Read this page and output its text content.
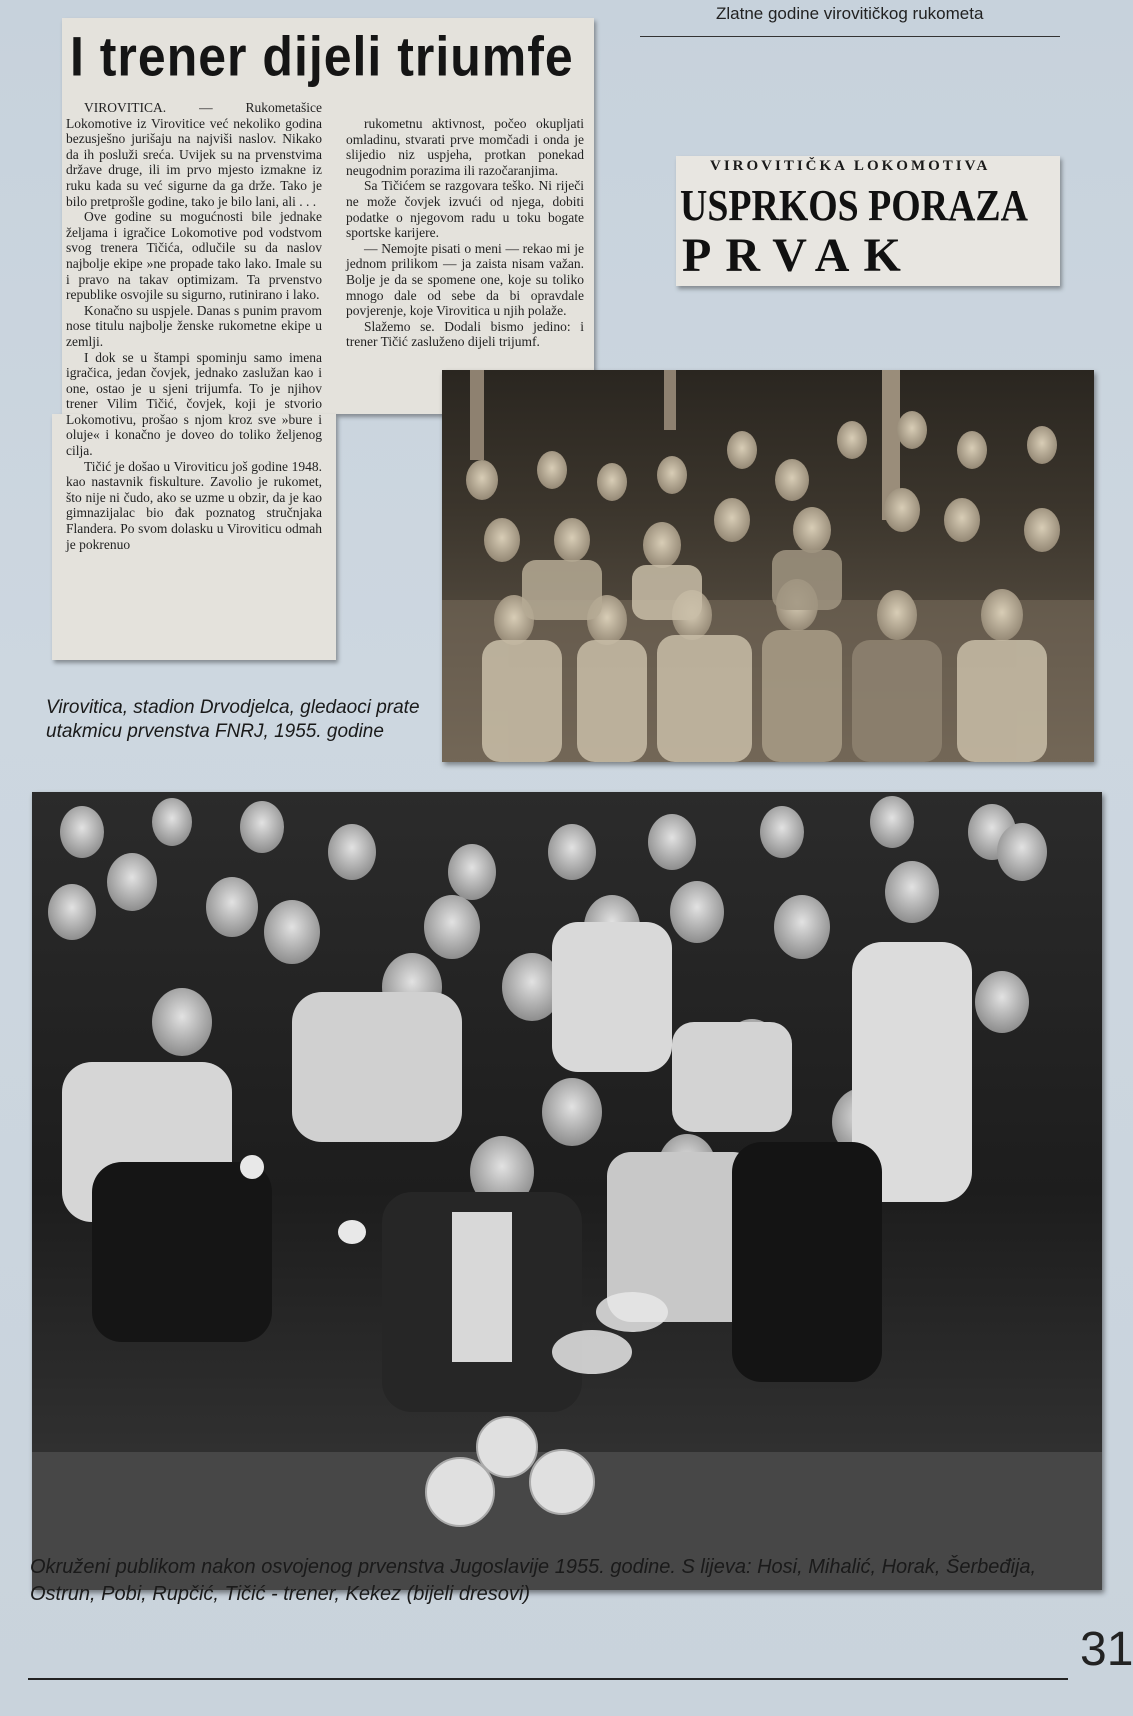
Zlatne godine virovitičkog rukometa
I trener dijeli triumfe

VIROVITICA. — Rukometašice Lokomotive iz Virovitice već nekoliko godina bezusješno jurišaju na najviši naslov. Nikako da ih posluži sreća. Uvijek su na prvenstvima države druge, ili im prvo mjesto izmakne iz ruku kada su već sigurne da ga drže. Tako je bilo pretprošle godine, tako je bilo lani, ali . . .

Ove godine su mogućnosti bile jednake željama i igračice Lokomotive pod vodstvom svog trenera Tičića, odlučile su da naslov najbolje ekipe »ne propade tako lako. Imale su i pravo na takav optimizam. Ta prvenstvo republike osvojile su sigurno, rutinirano i lako.

Konačno su uspjele. Danas s punim pravom nose titulu najbolje ženske rukometne ekipe u zemlji.

I dok se u štampi spominju samo imena igračica, jedan čovjek, jednako zaslužan kao i one, ostao je u sjeni trijumfa. To je njihov trener Vilim Tičić, čovjek, koji je stvorio Lokomotivu, prošao s njom kroz sve »bure i oluje« i konačno je doveo do toliko željenog cilja.

Tičić je došao u Viroviticu još godine 1948. kao nastavnik fiskulture. Zavolio je rukomet, što nije ni čudo, ako se uzme u obzir, da je kao gimnazijalac bio đak poznatog stručnjaka Flandera. Po svom dolasku u Viroviticu odmah je pokrenuo

rukometnu aktivnost, počeo okupljati omladinu, stvarati prve momčadi i onda je slijedio niz uspjeha, protkan ponekad neugodnim porazima ili razočaranjima.

Sa Tičićem se razgovara teško. Ni riječi ne može čovjek izvući od njega, dobiti podatke o njegovom radu u toku bogate sportske karijere.

— Nemojte pisati o meni — rekao mi je jednom prilikom — ja zaista nisam važan. Bolje je da se spomene one, koje su toliko mnogo dale od sebe da bi opravdale povjerenje, koje Virovitica u njih polaže.

Slažemo se. Dodali bismo jedino: i trener Tičić zasluženo dijeli trijumf.

VIROVITIČKA LOKOMOTIVA
USPRKOS PORAZA
PRVAK
Virovitica, stadion Drvodjelca, gledaoci prate utakmicu prvenstva FNRJ, 1955. godine
Okruženi publikom nakon osvojenog prvenstva Jugoslavije 1955. godine. S lijeva: Hosi, Mihalić, Horak, Šerbeđija, Ostrun, Pobi, Rupčić, Tičić - trener, Kekez (bijeli dresovi)
31
